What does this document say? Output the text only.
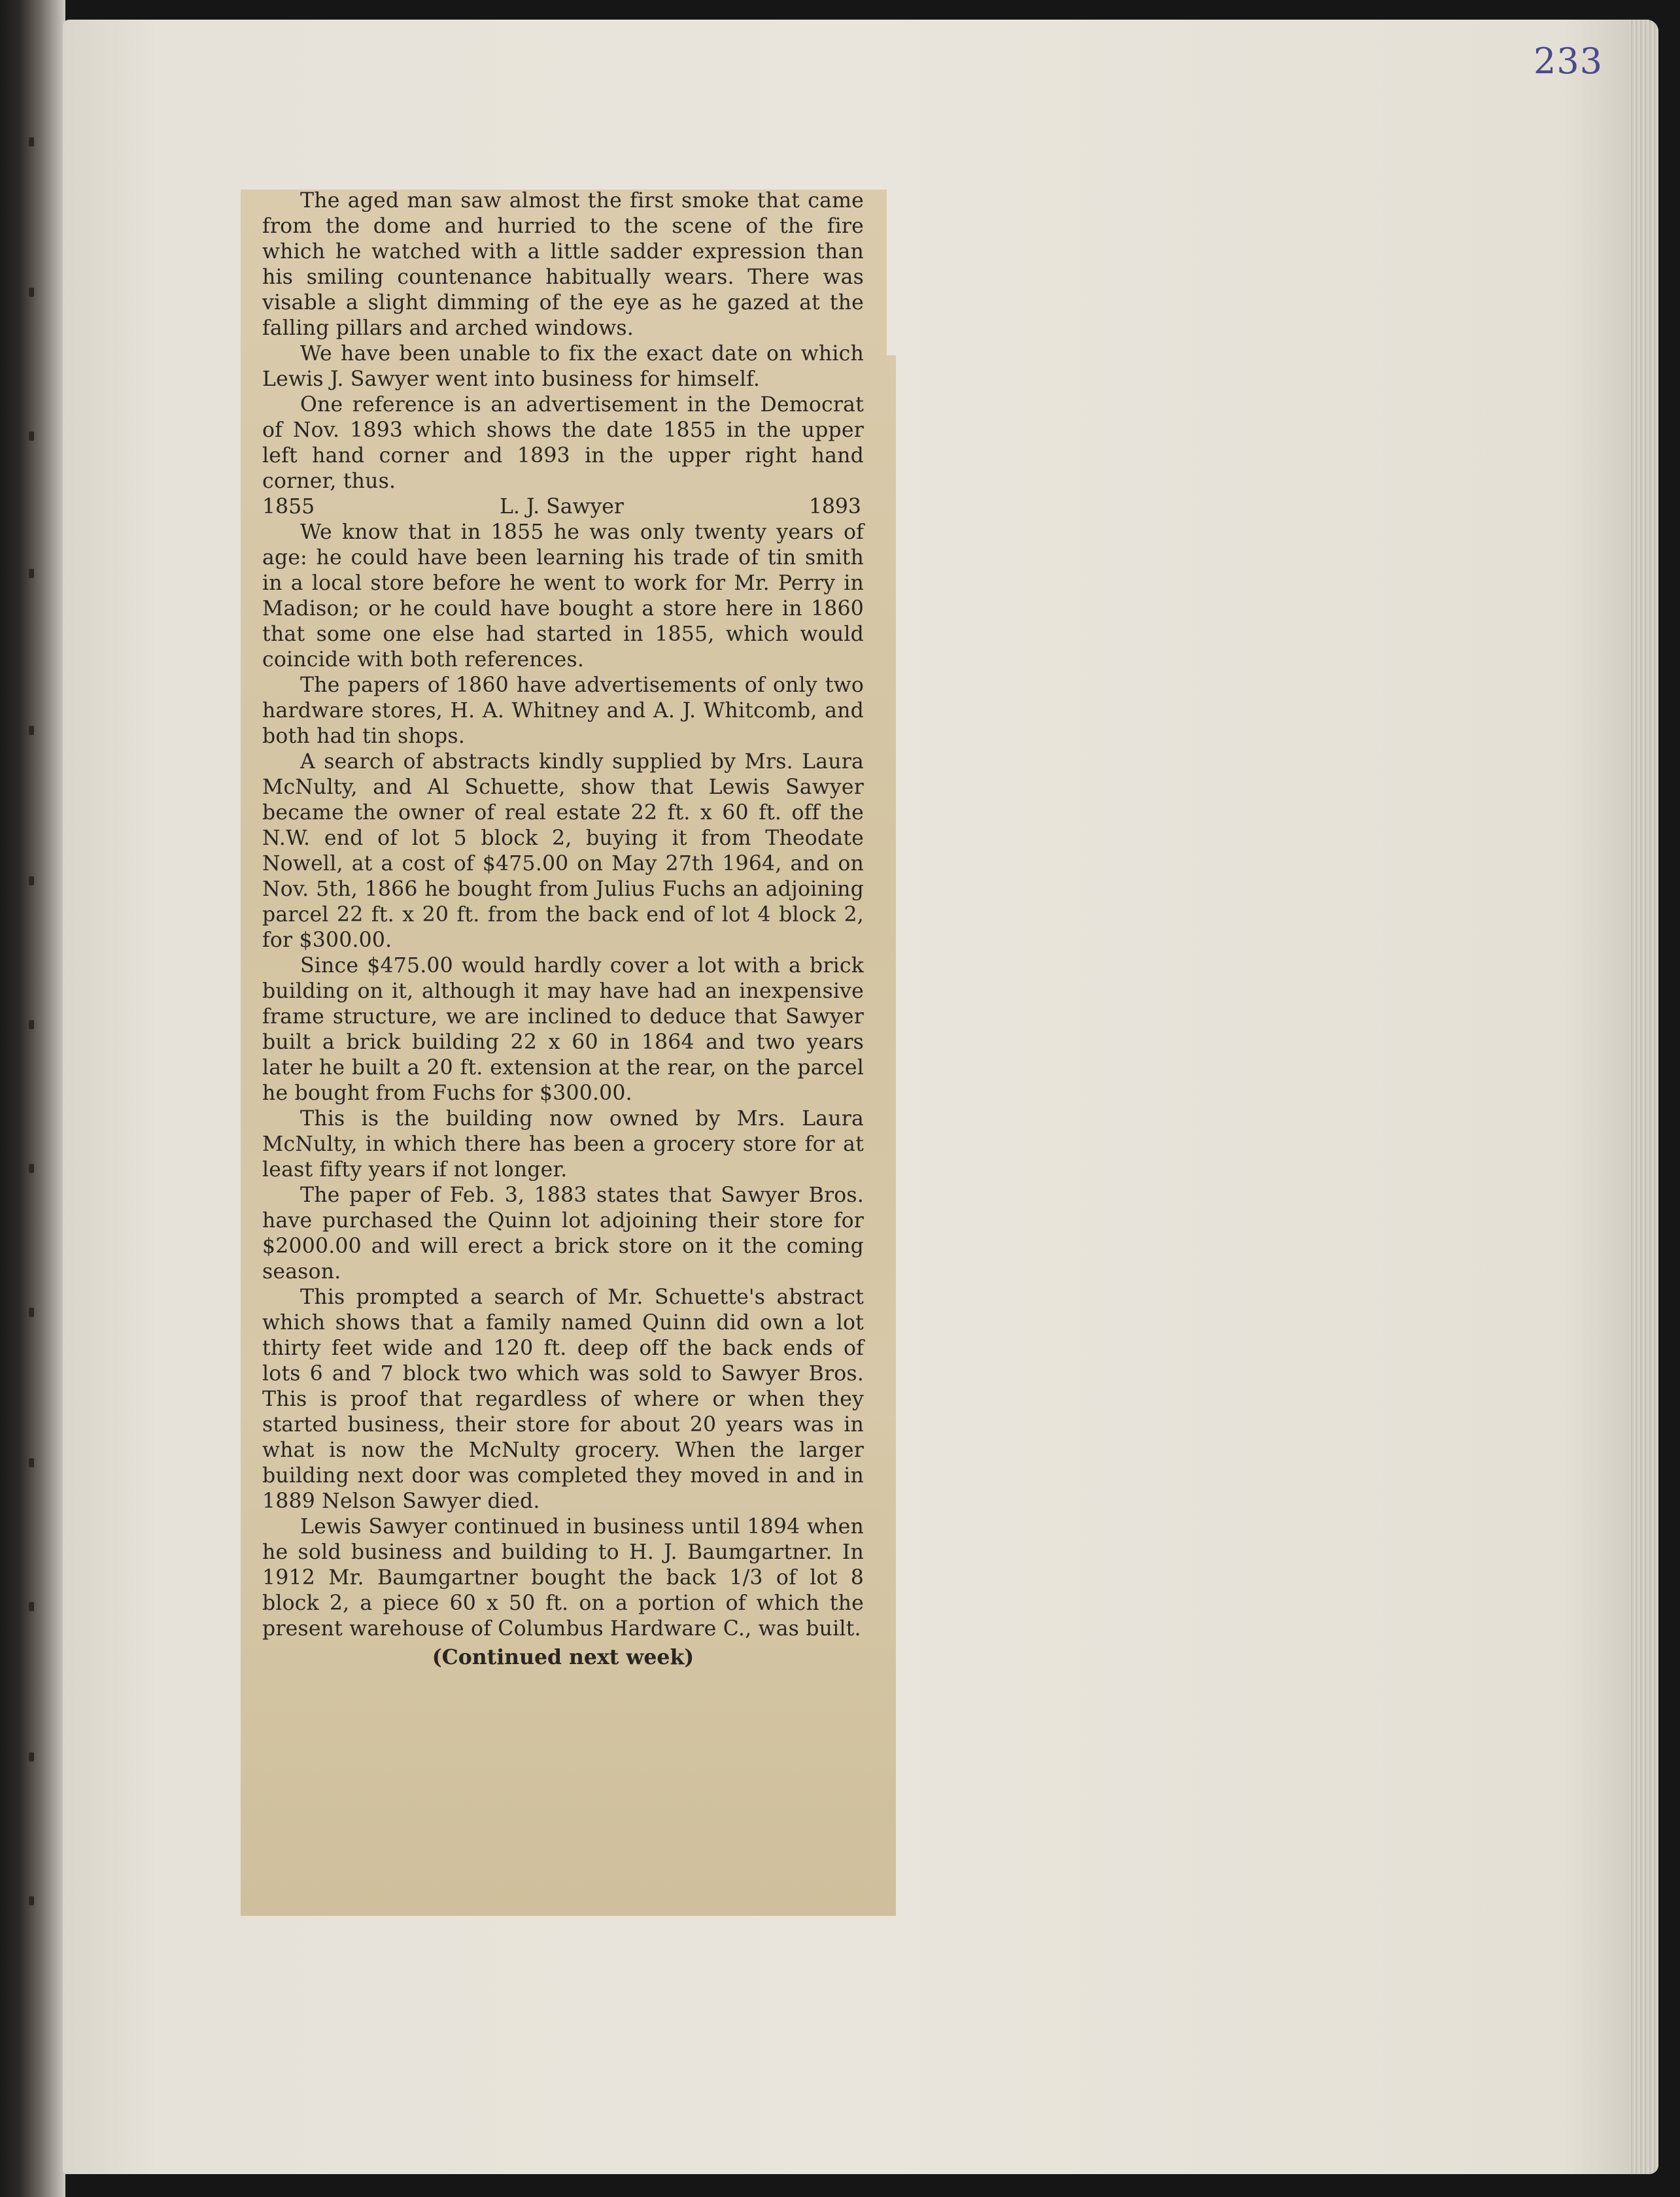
233

The aged man saw almost the first smoke that came from the dome and hurried to the scene of the fire which he watched with a little sadder expression than his smiling countenance habitually wears. There was visable a slight dimming of the eye as he gazed at the falling pillars and arched windows.

We have been unable to fix the exact date on which Lewis J. Sawyer went into business for himself.

One reference is an advertisement in the Democrat of Nov. 1893 which shows the date 1855 in the upper left hand corner and 1893 in the upper right hand corner, thus.

1855	L. J. Sawyer	1893

We know that in 1855 he was only twenty years of age: he could have been learning his trade of tin smith in a local store before he went to work for Mr. Perry in Madison; or he could have bought a store here in 1860 that some one else had started in 1855, which would coincide with both references.

The papers of 1860 have advertisements of only two hardware stores, H. A. Whitney and A. J. Whitcomb, and both had tin shops.

A search of abstracts kindly supplied by Mrs. Laura McNulty, and Al Schuette, show that Lewis Sawyer became the owner of real estate 22 ft. x 60 ft. off the N.W. end of lot 5 block 2, buying it from Theodate Nowell, at a cost of $475.00 on May 27th 1964, and on Nov. 5th, 1866 he bought from Julius Fuchs an adjoining parcel 22 ft. x 20 ft. from the back end of lot 4 block 2, for $300.00.

Since $475.00 would hardly cover a lot with a brick building on it, although it may have had an inexpensive frame structure, we are inclined to deduce that Sawyer built a brick building 22 x 60 in 1864 and two years later he built a 20 ft. extension at the rear, on the parcel he bought from Fuchs for $300.00.

This is the building now owned by Mrs. Laura McNulty, in which there has been a grocery store for at least fifty years if not longer.

The paper of Feb. 3, 1883 states that Sawyer Bros. have purchased the Quinn lot adjoining their store for $2000.00 and will erect a brick store on it the coming season.

This prompted a search of Mr. Schuette's abstract which shows that a family named Quinn did own a lot thirty feet wide and 120 ft. deep off the back ends of lots 6 and 7 block two which was sold to Sawyer Bros. This is proof that regardless of where or when they started business, their store for about 20 years was in what is now the McNulty grocery. When the larger building next door was completed they moved in and in 1889 Nelson Sawyer died.

Lewis Sawyer continued in business until 1894 when he sold business and building to H. J. Baumgartner. In 1912 Mr. Baumgartner bought the back 1/3 of lot 8 block 2, a piece 60 x 50 ft. on a portion of which the present warehouse of Columbus Hardware C., was built.

(Continued next week)
